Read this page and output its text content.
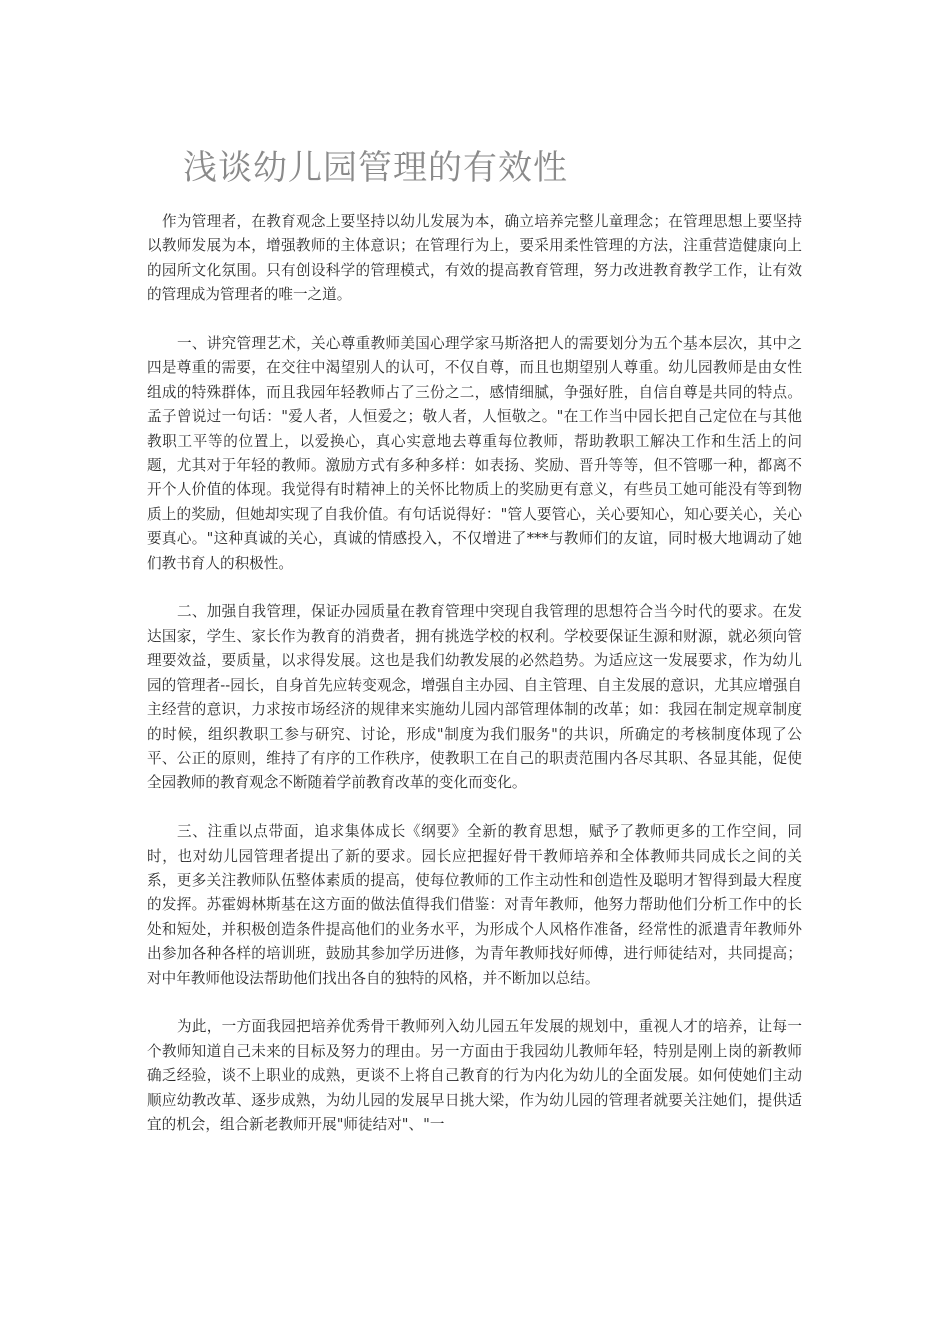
浅谈幼儿园管理的有效性

作为管理者，在教育观念上要坚持以幼儿发展为本，确立培养完整儿童理念；在管理思想上要坚持以教师发展为本，增强教师的主体意识；在管理行为上，要采用柔性管理的方法，注重营造健康向上的园所文化氛围。只有创设科学的管理模式，有效的提高教育管理，努力改进教育教学工作，让有效的管理成为管理者的唯一之道。

一、讲究管理艺术，关心尊重教师美国心理学家马斯洛把人的需要划分为五个基本层次，其中之四是尊重的需要，在交往中渴望别人的认可，不仅自尊，而且也期望别人尊重。幼儿园教师是由女性组成的特殊群体，而且我园年轻教师占了三份之二，感情细腻，争强好胜，自信自尊是共同的特点。孟子曾说过一句话："爱人者，人恒爱之；敬人者，人恒敬之。"在工作当中园长把自己定位在与其他教职工平等的位置上，以爱换心，真心实意地去尊重每位教师，帮助教职工解决工作和生活上的问题，尤其对于年轻的教师。激励方式有多种多样：如表扬、奖励、晋升等等，但不管哪一种，都离不开个人价值的体现。我觉得有时精神上的关怀比物质上的奖励更有意义，有些员工她可能没有等到物质上的奖励，但她却实现了自我价值。有句话说得好："管人要管心，关心要知心，知心要关心，关心要真心。"这种真诚的关心，真诚的情感投入，不仅增进了***与教师们的友谊，同时极大地调动了她们教书育人的积极性。

二、加强自我管理，保证办园质量在教育管理中突现自我管理的思想符合当今时代的要求。在发达国家，学生、家长作为教育的消费者，拥有挑选学校的权利。学校要保证生源和财源，就必须向管理要效益，要质量，以求得发展。这也是我们幼教发展的必然趋势。为适应这一发展要求，作为幼儿园的管理者--园长，自身首先应转变观念，增强自主办园、自主管理、自主发展的意识，尤其应增强自主经营的意识，力求按市场经济的规律来实施幼儿园内部管理体制的改革；如：我园在制定规章制度的时候，组织教职工参与研究、讨论，形成"制度为我们服务"的共识，所确定的考核制度体现了公平、公正的原则，维持了有序的工作秩序，使教职工在自己的职责范围内各尽其职、各显其能，促使全园教师的教育观念不断随着学前教育改革的变化而变化。

三、注重以点带面，追求集体成长《纲要》全新的教育思想，赋予了教师更多的工作空间，同时，也对幼儿园管理者提出了新的要求。园长应把握好骨干教师培养和全体教师共同成长之间的关系，更多关注教师队伍整体素质的提高，使每位教师的工作主动性和创造性及聪明才智得到最大程度的发挥。苏霍姆林斯基在这方面的做法值得我们借鉴：对青年教师，他努力帮助他们分析工作中的长处和短处，并积极创造条件提高他们的业务水平，为形成个人风格作准备，经常性的派遣青年教师外出参加各种各样的培训班，鼓励其参加学历进修，为青年教师找好师傅，进行师徒结对，共同提高；对中年教师他设法帮助他们找出各自的独特的风格，并不断加以总结。

为此，一方面我园把培养优秀骨干教师列入幼儿园五年发展的规划中，重视人才的培养，让每一个教师知道自己未来的目标及努力的理由。另一方面由于我园幼儿教师年轻，特别是刚上岗的新教师确乏经验，谈不上职业的成熟，更谈不上将自己教育的行为内化为幼儿的全面发展。如何使她们主动顺应幼教改革、逐步成熟，为幼儿园的发展早日挑大梁，作为幼儿园的管理者就要关注她们，提供适宜的机会，组合新老教师开展"师徒结对"、"一
